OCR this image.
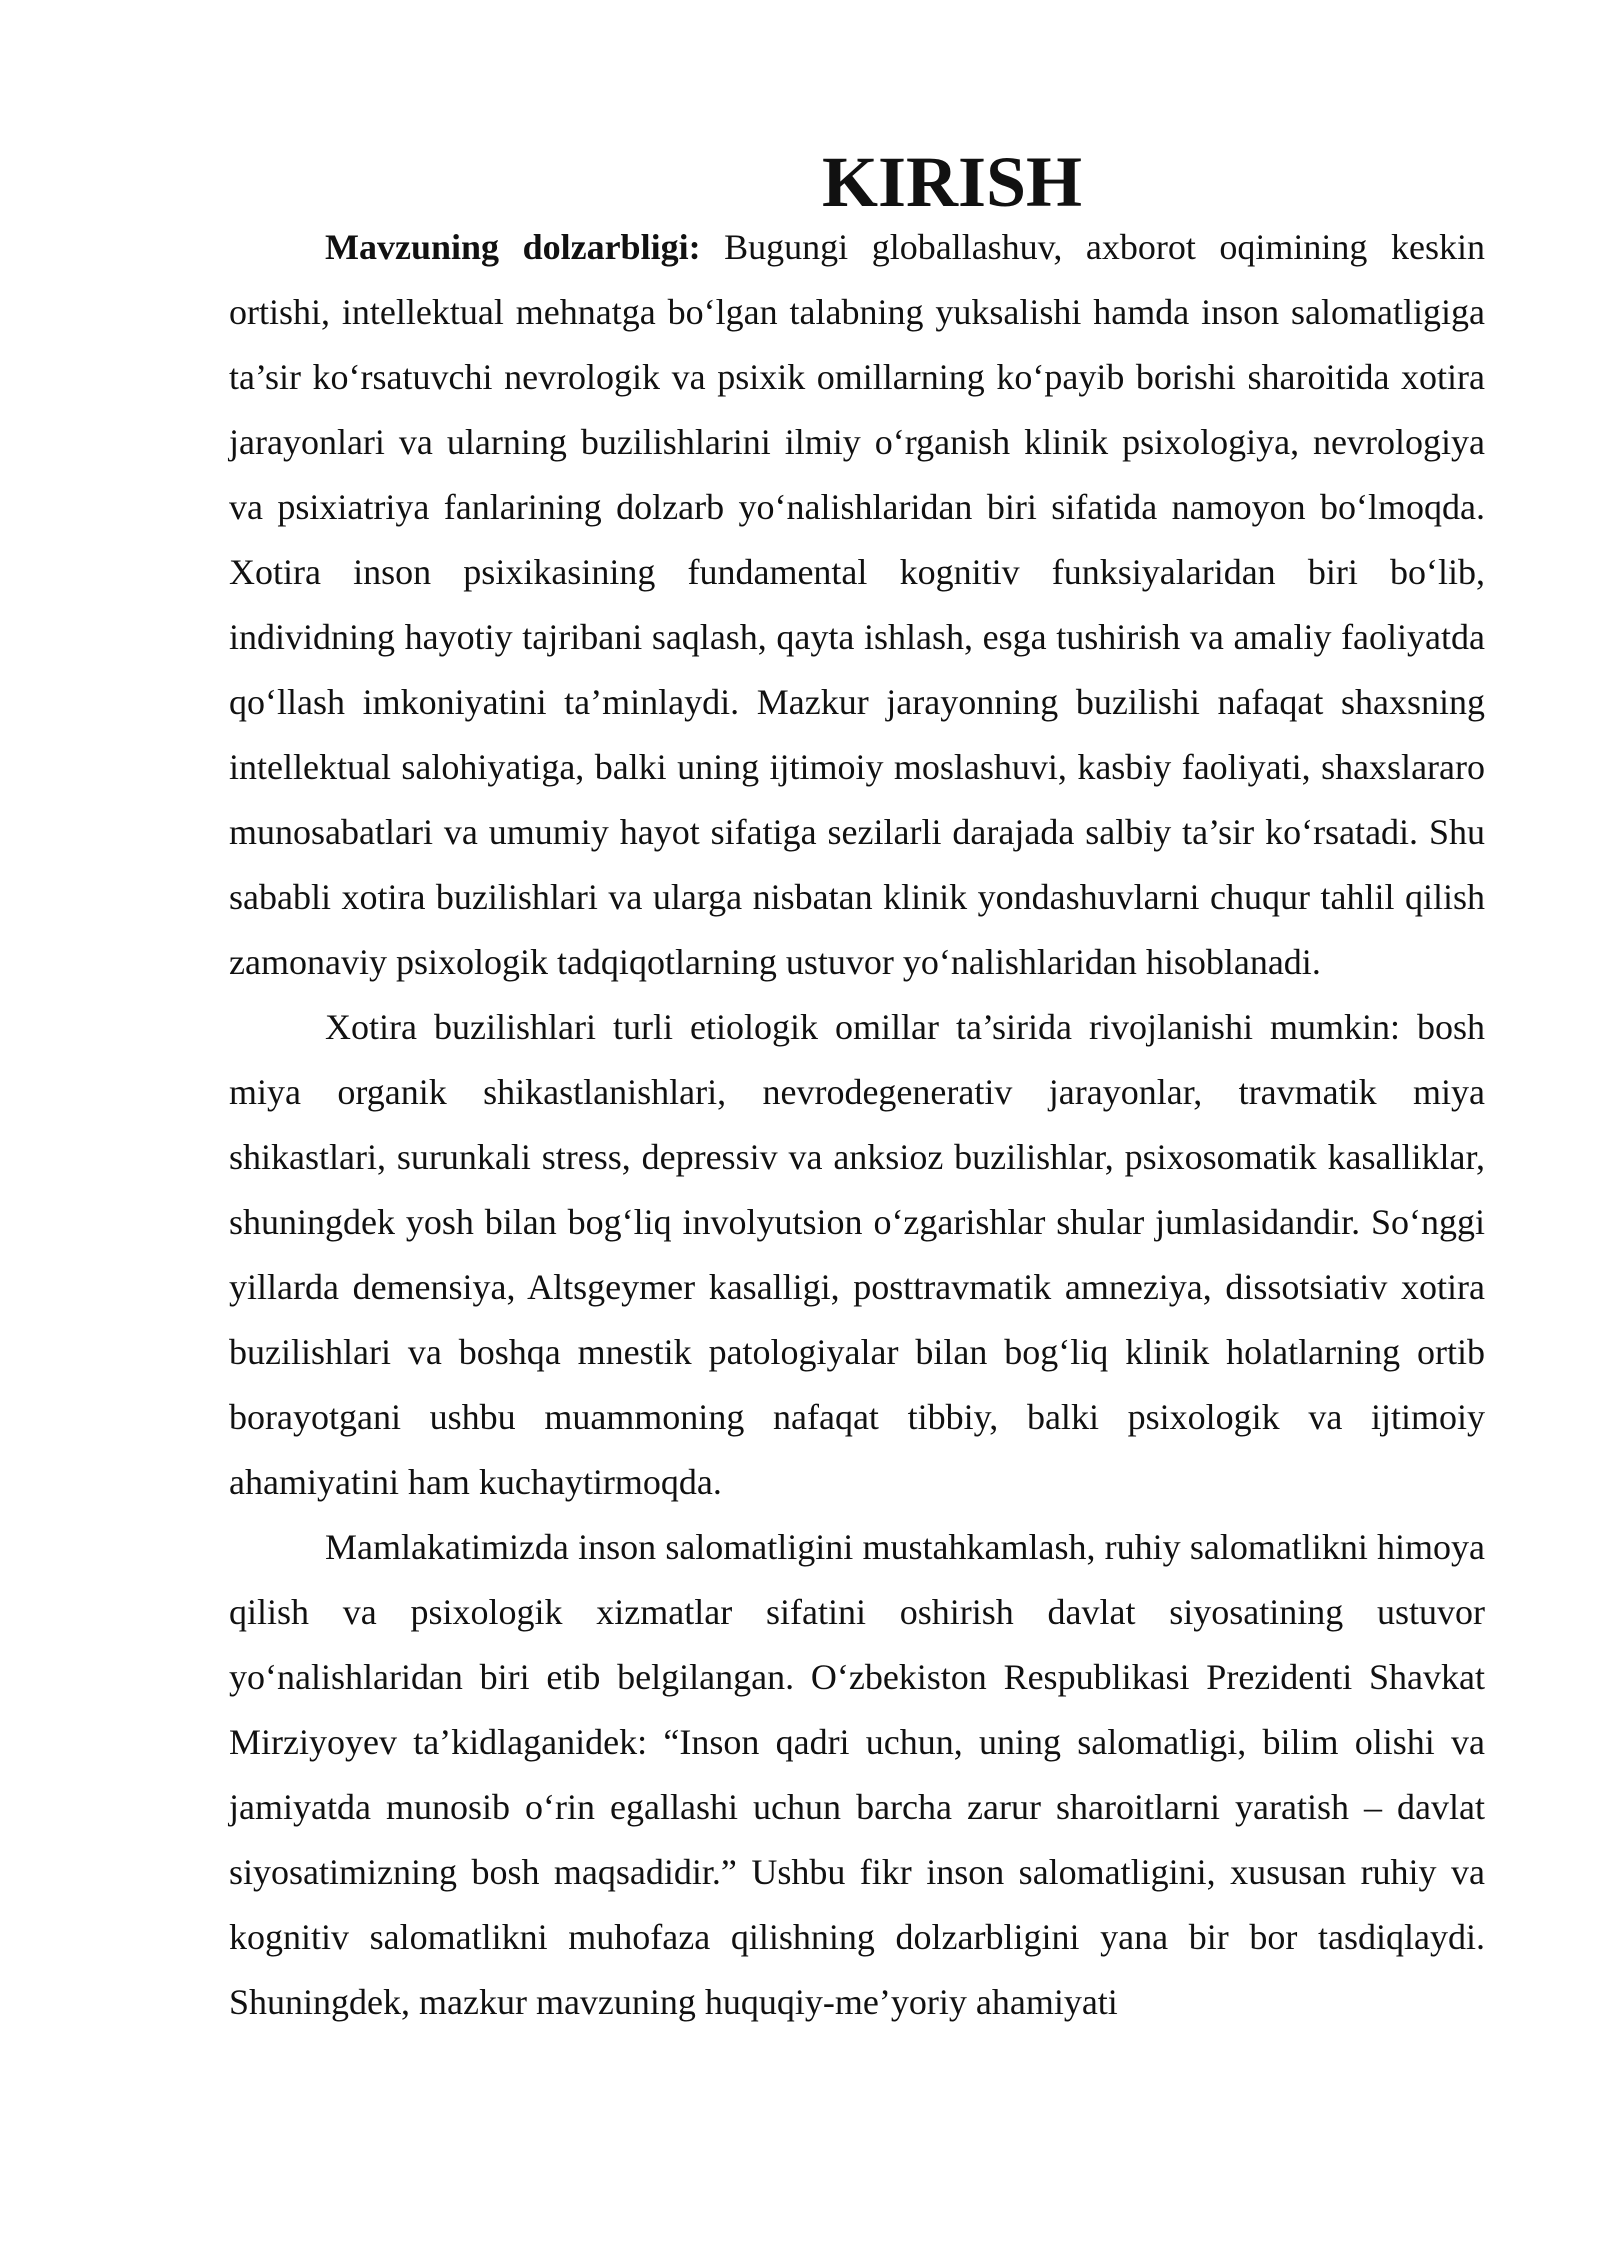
KIRISH

Mavzuning dolzarbligi: Bugungi globallashuv, axborot oqimining keskin ortishi, intellektual mehnatga bo‘lgan talabning yuksalishi hamda inson salomatligiga ta’sir ko‘rsatuvchi nevrologik va psixik omillarning ko‘payib borishi sharoitida xotira jarayonlari va ularning buzilishlarini ilmiy o‘rganish klinik psixologiya, nevrologiya va psixiatriya fanlarining dolzarb yo‘nalishlaridan biri sifatida namoyon bo‘lmoqda. Xotira inson psixikasining fundamental kognitiv funksiyalaridan biri bo‘lib, individning hayotiy tajribani saqlash, qayta ishlash, esga tushirish va amaliy faoliyatda qo‘llash imkoniyatini ta’minlaydi. Mazkur jarayonning buzilishi nafaqat shaxsning intellektual salohiyatiga, balki uning ijtimoiy moslashuvi, kasbiy faoliyati, shaxslararo munosabatlari va umumiy hayot sifatiga sezilarli darajada salbiy ta’sir ko‘rsatadi. Shu sababli xotira buzilishlari va ularga nisbatan klinik yondashuvlarni chuqur tahlil qilish zamonaviy psixologik tadqiqotlarning ustuvor yo‘nalishlaridan hisoblanadi.

Xotira buzilishlari turli etiologik omillar ta’sirida rivojlanishi mumkin: bosh miya organik shikastlanishlari, nevrodegenerativ jarayonlar, travmatik miya shikastlari, surunkali stress, depressiv va anksioz buzilishlar, psixosomatik kasalliklar, shuningdek yosh bilan bog‘liq involyutsion o‘zgarishlar shular jumlasidandir. So‘nggi yillarda demensiya, Altsgeymer kasalligi, posttravmatik amneziya, dissotsiativ xotira buzilishlari va boshqa mnestik patologiyalar bilan bog‘liq klinik holatlarning ortib borayotgani ushbu muammoning nafaqat tibbiy, balki psixologik va ijtimoiy ahamiyatini ham kuchaytirmoqda.

Mamlakatimizda inson salomatligini mustahkamlash, ruhiy salomatlikni himoya qilish va psixologik xizmatlar sifatini oshirish davlat siyosatining ustuvor yo‘nalishlaridan biri etib belgilangan. O‘zbekiston Respublikasi Prezidenti Shavkat Mirziyoyev ta’kidlaganidek: “Inson qadri uchun, uning salomatligi, bilim olishi va jamiyatda munosib o‘rin egallashi uchun barcha zarur sharoitlarni yaratish – davlat siyosatimizning bosh maqsadidir.” Ushbu fikr inson salomatligini, xususan ruhiy va kognitiv salomatlikni muhofaza qilishning dolzarbligini yana bir bor tasdiqlaydi. Shuningdek, mazkur mavzuning huquqiy-me’yoriy ahamiyati
